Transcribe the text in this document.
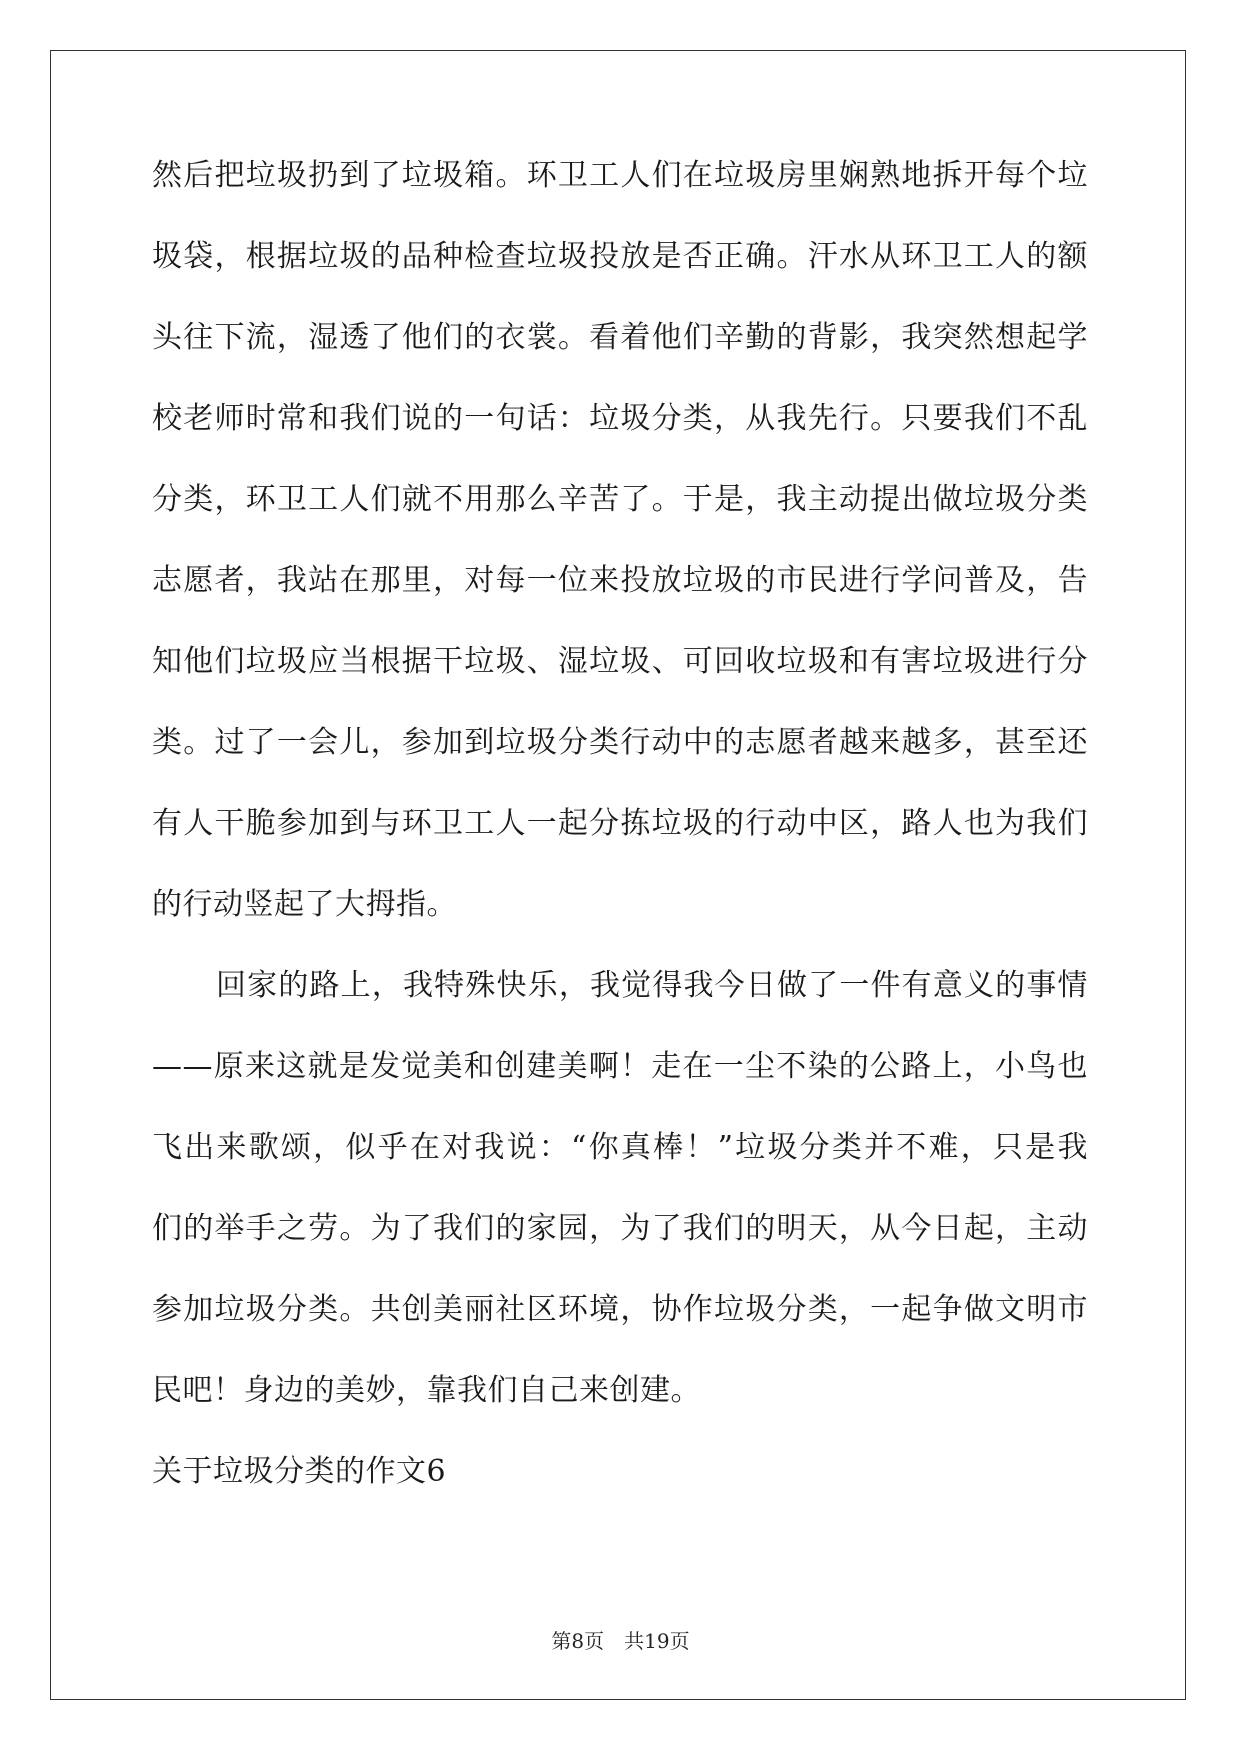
然后把垃圾扔到了垃圾箱。环卫工人们在垃圾房里娴熟地拆开每个垃
圾袋，根据垃圾的品种检查垃圾投放是否正确。汗水从环卫工人的额
头往下流，湿透了他们的衣裳。看着他们辛勤的背影，我突然想起学
校老师时常和我们说的一句话：垃圾分类，从我先行。只要我们不乱
分类，环卫工人们就不用那么辛苦了。于是，我主动提出做垃圾分类
志愿者，我站在那里，对每一位来投放垃圾的市民进行学问普及，告
知他们垃圾应当根据干垃圾、湿垃圾、可回收垃圾和有害垃圾进行分
类。过了一会儿，参加到垃圾分类行动中的志愿者越来越多，甚至还
有人干脆参加到与环卫工人一起分拣垃圾的行动中区，路人也为我们
的行动竖起了大拇指。
回家的路上，我特殊快乐，我觉得我今日做了一件有意义的事情
——原来这就是发觉美和创建美啊！走在一尘不染的公路上，小鸟也
飞出来歌颂，似乎在对我说：“你真棒！”垃圾分类并不难，只是我
们的举手之劳。为了我们的家园，为了我们的明天，从今日起，主动
参加垃圾分类。共创美丽社区环境，协作垃圾分类，一起争做文明市
民吧！身边的美妙，靠我们自己来创建。
关于垃圾分类的作文6
第8页　共19页
